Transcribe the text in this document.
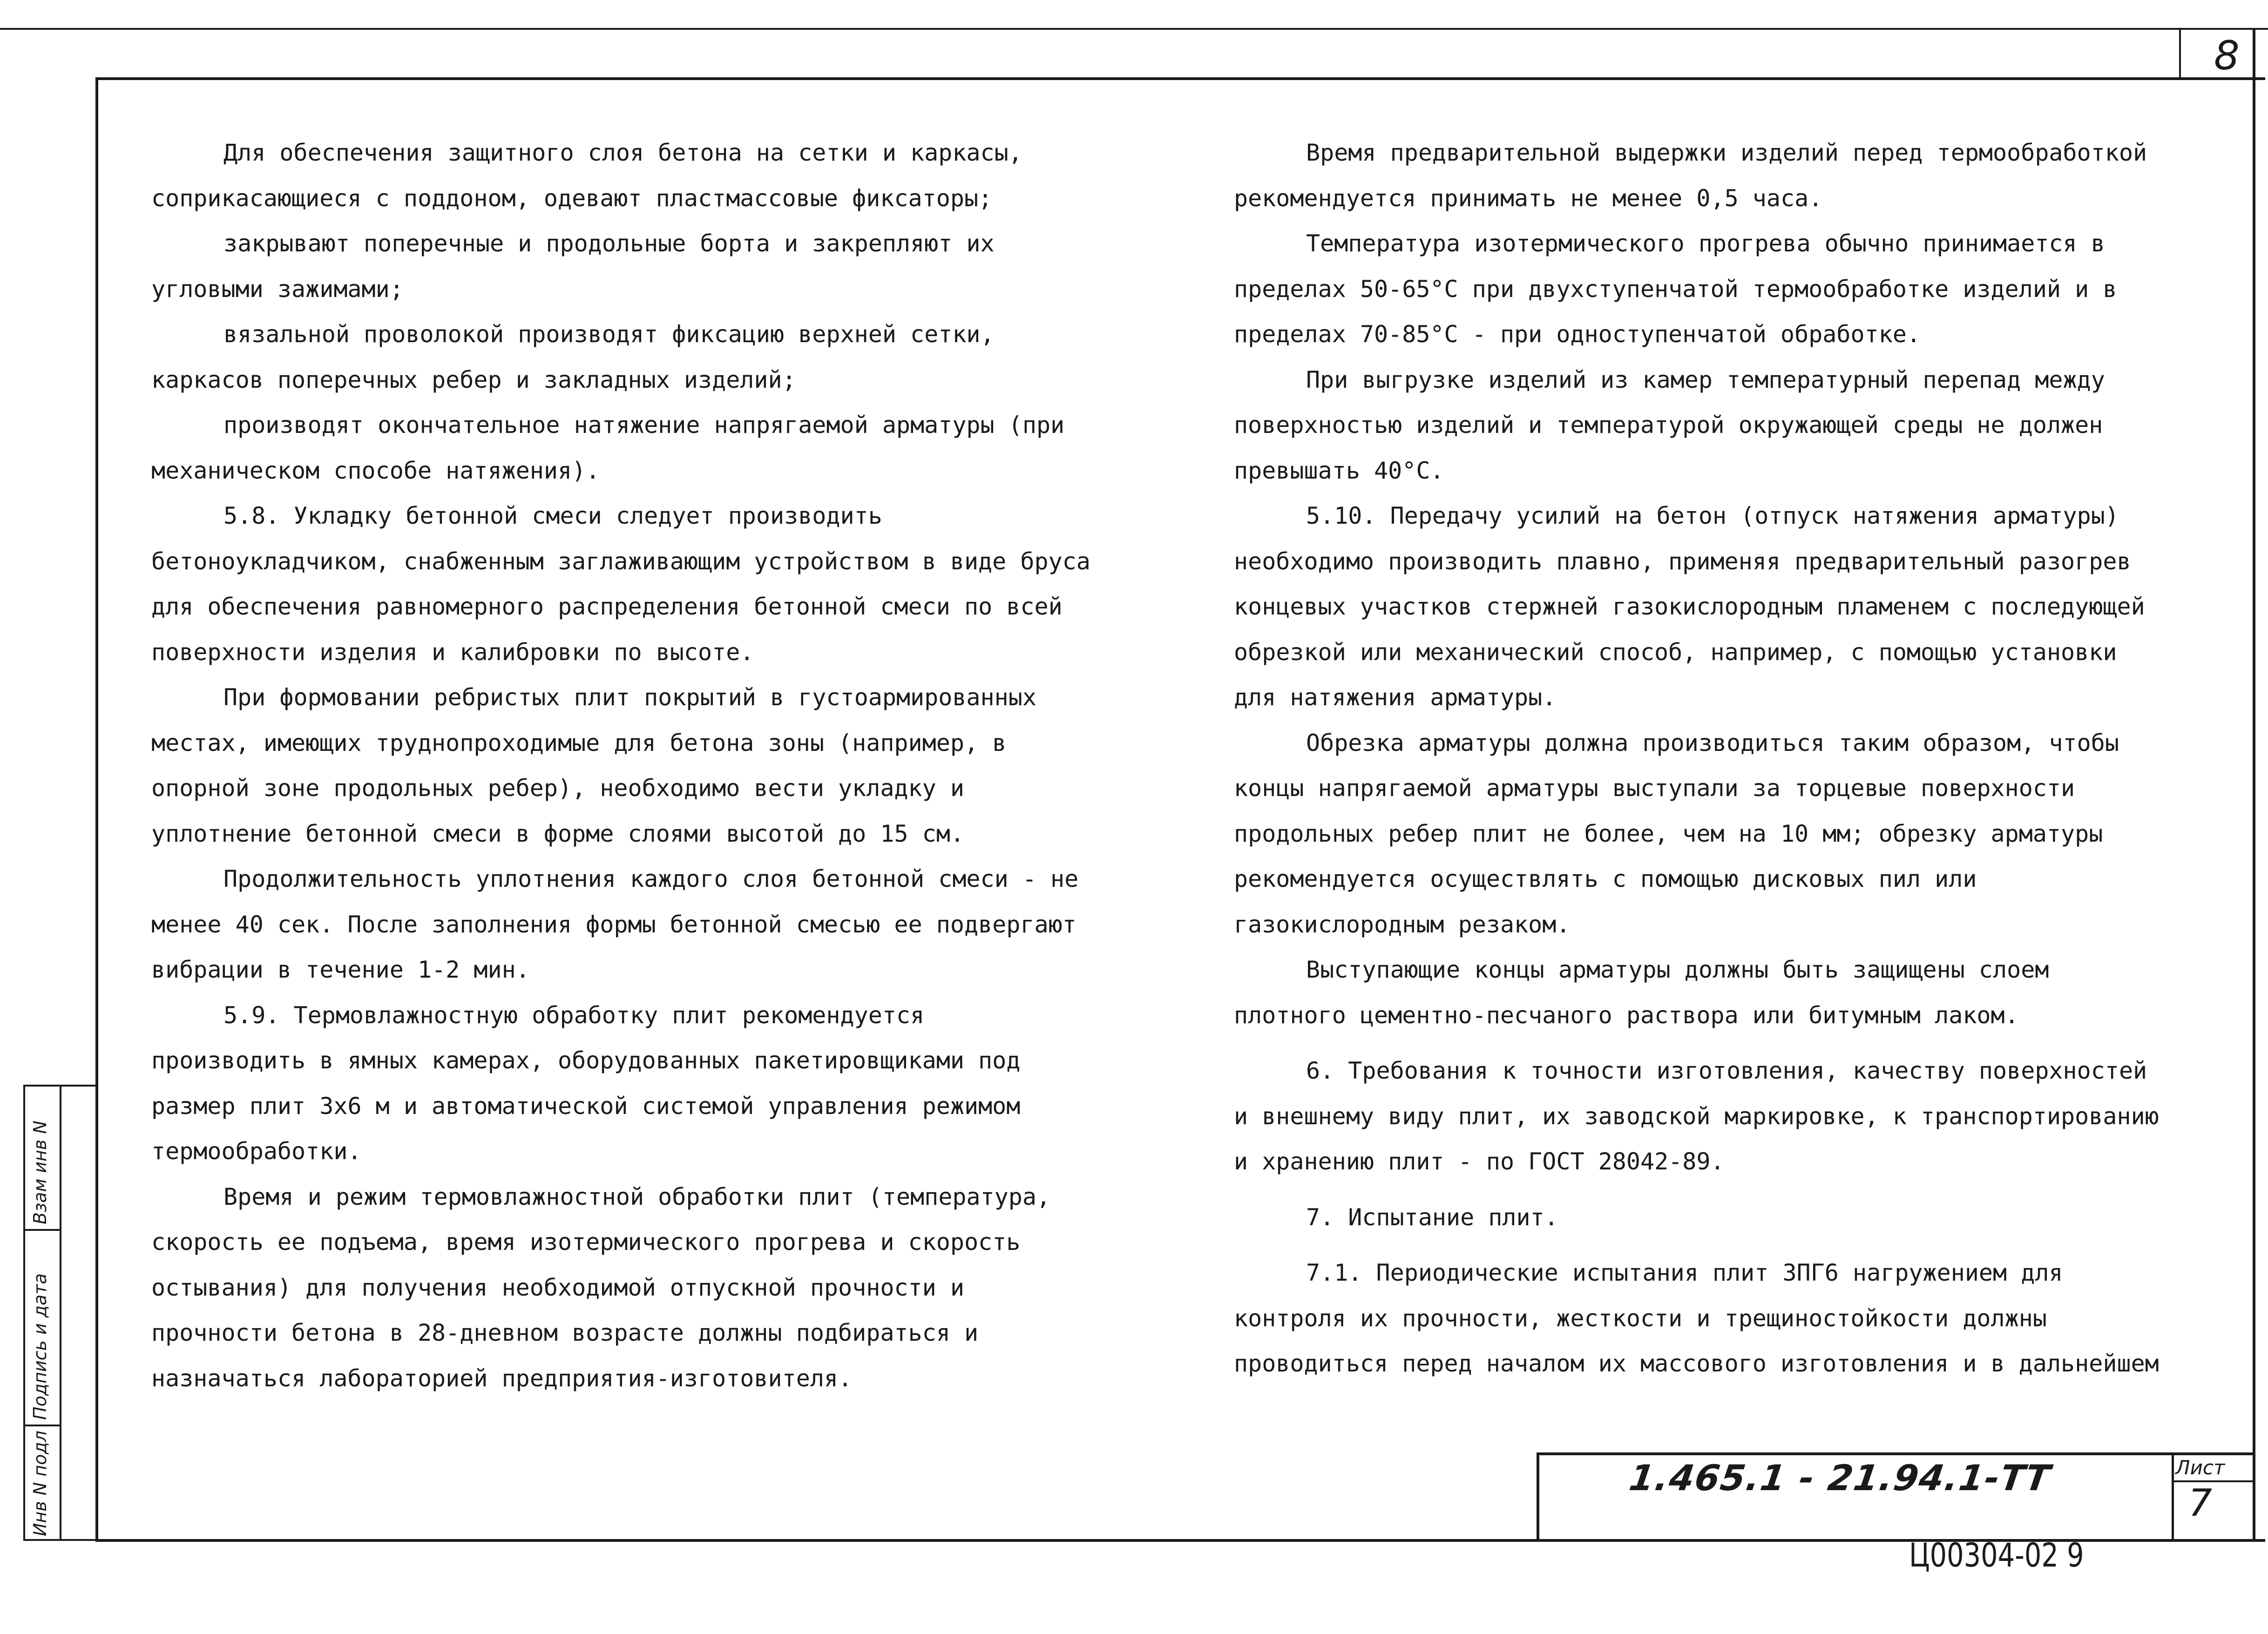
8
1.465.1 - 21.94.1-ТТ	Лист
7
Ц00304-02 9
Инв N подл
Подпись и дата
Взам инв N

Для обеспечения защитного слоя бетона на сетки и каркасы, соприкасающиеся с поддоном, одевают пластмассовые фиксаторы;

закрывают поперечные и продольные борта и закрепляют их угловыми зажимами;

вязальной проволокой производят фиксацию верхней сетки, каркасов поперечных ребер и закладных изделий;

производят окончательное натяжение напрягаемой арматуры (при механическом способе натяжения).

5.8. Укладку бетонной смеси следует производить бетоноукладчиком, снабженным заглаживающим устройством в виде бруса для обеспечения равномерного распределения бетонной смеси по всей поверхности изделия и калибровки по высоте.

При формовании ребристых плит покрытий в густоармированных местах, имеющих труднопроходимые для бетона зоны (например, в опорной зоне продольных ребер), необходимо вести укладку и уплотнение бетонной смеси в форме слоями высотой до 15 см.

Продолжительность уплотнения каждого слоя бетонной смеси - не менее 40 сек. После заполнения формы бетонной смесью ее подвергают вибрации в течение 1-2 мин.

5.9. Термовлажностную обработку плит рекомендуется производить в ямных камерах, оборудованных пакетировщиками под размер плит 3х6 м и автоматической системой управления режимом термообработки.

Время и режим термовлажностной обработки плит (температура, скорость ее подъема, время изотермического прогрева и скорость остывания) для получения необходимой отпускной прочности и прочности бетона в 28-дневном возрасте должны подбираться и назначаться лабораторией предприятия-изготовителя.

Время предварительной выдержки изделий перед термообработкой рекомендуется принимать не менее 0,5 часа.

Температура изотермического прогрева обычно принимается в пределах 50-65°С при двухступенчатой термообработке изделий и в пределах 70-85°С - при одноступенчатой обработке.

При выгрузке изделий из камер температурный перепад между поверхностью изделий и температурой окружающей среды не должен превышать 40°С.

5.10. Передачу усилий на бетон (отпуск натяжения арматуры) необходимо производить плавно, применяя предварительный разогрев концевых участков стержней газокислородным пламенем с последующей обрезкой или механический способ, например, с помощью установки для натяжения арматуры.

Обрезка арматуры должна производиться таким образом, чтобы концы напрягаемой арматуры выступали за торцевые поверхности продольных ребер плит не более, чем на 10 мм; обрезку арматуры рекомендуется осуществлять с помощью дисковых пил или газокислородным резаком.

Выступающие концы арматуры должны быть защищены слоем плотного цементно-песчаного раствора или битумным лаком.

6. Требования к точности изготовления, качеству поверхностей и внешнему виду плит, их заводской маркировке, к транспортированию и хранению плит - по ГОСТ 28042-89.

7. Испытание плит.

7.1. Периодические испытания плит 3ПГ6 нагружением для контроля их прочности, жесткости и трещиностойкости должны проводиться перед началом их массового изготовления и в дальнейшем
